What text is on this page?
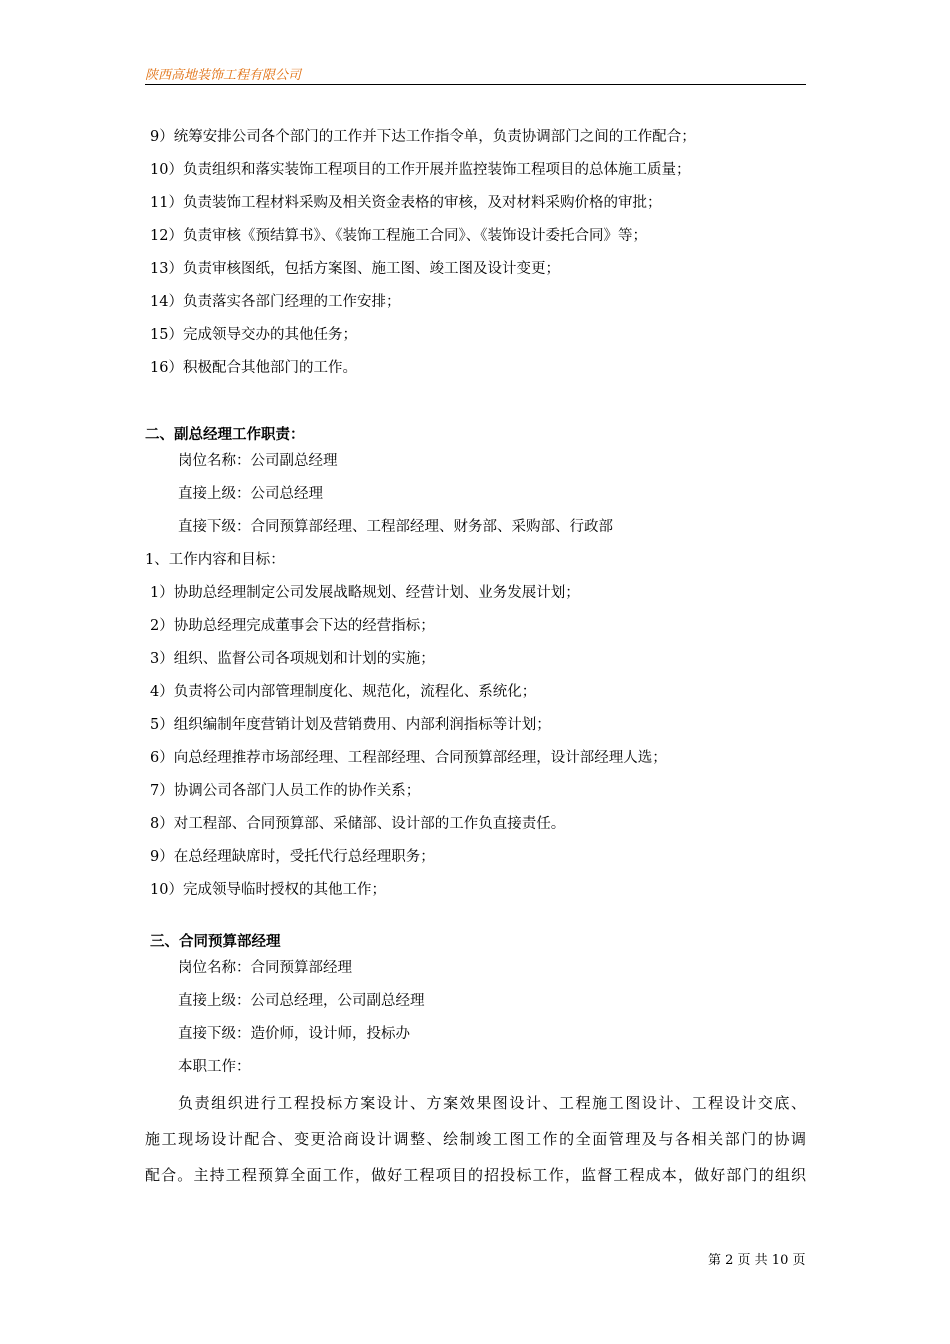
陕西高地装饰工程有限公司
9）统筹安排公司各个部门的工作并下达工作指令单，负责协调部门之间的工作配合；
10）负责组织和落实装饰工程项目的工作开展并监控装饰工程项目的总体施工质量；
11）负责装饰工程材料采购及相关资金表格的审核，及对材料采购价格的审批；
12）负责审核《预结算书》、《装饰工程施工合同》、《装饰设计委托合同》等；
13）负责审核图纸，包括方案图、施工图、竣工图及设计变更；
14）负责落实各部门经理的工作安排；
15）完成领导交办的其他任务；
16）积极配合其他部门的工作。
二、副总经理工作职责：
岗位名称：公司副总经理
直接上级：公司总经理
直接下级：合同预算部经理、工程部经理、财务部、采购部、行政部
1、工作内容和目标：
1）协助总经理制定公司发展战略规划、经营计划、业务发展计划；
2）协助总经理完成董事会下达的经营指标；
3）组织、监督公司各项规划和计划的实施；
4）负责将公司内部管理制度化、规范化，流程化、系统化；
5）组织编制年度营销计划及营销费用、内部利润指标等计划；
6）向总经理推荐市场部经理、工程部经理、合同预算部经理，设计部经理人选；
7）协调公司各部门人员工作的协作关系；
8）对工程部、合同预算部、采储部、设计部的工作负直接责任。
9）在总经理缺席时，受托代行总经理职务；
10）完成领导临时授权的其他工作；
三、合同预算部经理
岗位名称：合同预算部经理
直接上级：公司总经理，公司副总经理
直接下级：造价师，设计师，投标办
本职工作：
负责组织进行工程投标方案设计、方案效果图设计、工程施工图设计、工程设计交底、
施工现场设计配合、变更洽商设计调整、绘制竣工图工作的全面管理及与各相关部门的协调
配合。主持工程预算全面工作，做好工程项目的招投标工作，监督工程成本，做好部门的组织
第 2 页 共 10 页
